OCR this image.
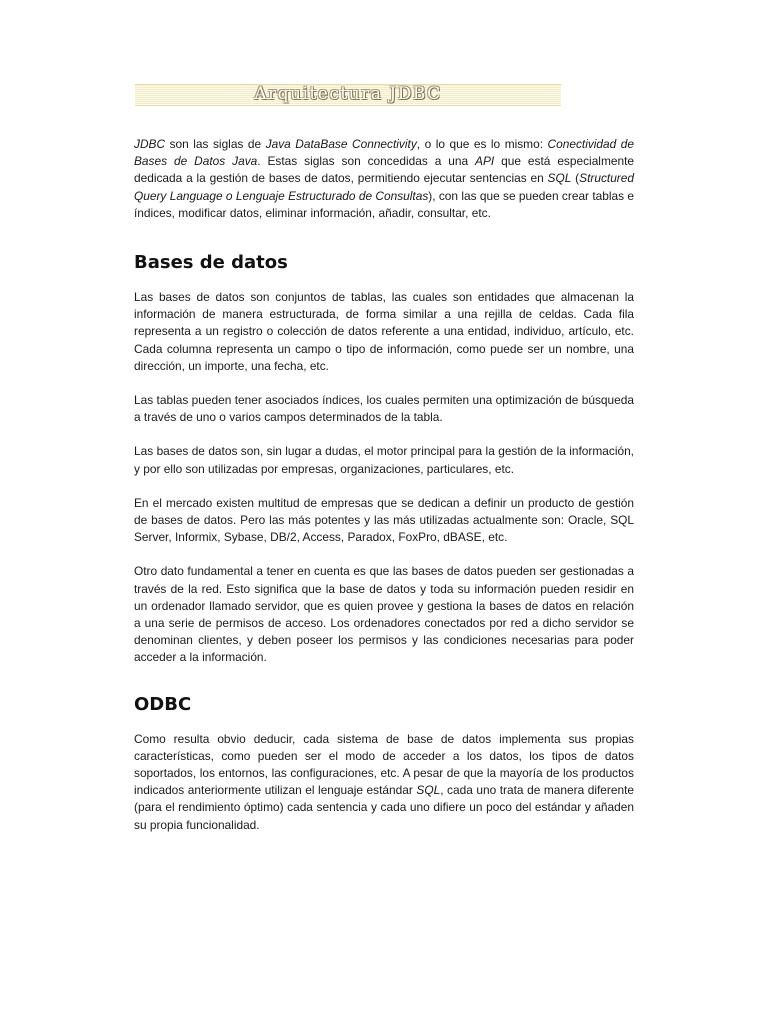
Arquitectura JDBC

JDBC son las siglas de Java DataBase Connectivity, o lo que es lo mismo: Conectividad de Bases de Datos Java. Estas siglas son concedidas a una API que está especialmente dedicada a la gestión de bases de datos, permitiendo ejecutar sentencias en SQL (Structured Query Language o Lenguaje Estructurado de Consultas), con las que se pueden crear tablas e índices, modificar datos, eliminar información, añadir, consultar, etc.

Bases de datos

Las bases de datos son conjuntos de tablas, las cuales son entidades que almacenan la información de manera estructurada, de forma similar a una rejilla de celdas. Cada fila representa a un registro o colección de datos referente a una entidad, individuo, artículo, etc. Cada columna representa un campo o tipo de información, como puede ser un nombre, una dirección, un importe, una fecha, etc.

Las tablas pueden tener asociados índices, los cuales permiten una optimización de búsqueda a través de uno o varios campos determinados de la tabla.

Las bases de datos son, sin lugar a dudas, el motor principal para la gestión de la información, y por ello son utilizadas por empresas, organizaciones, particulares, etc.

En el mercado existen multitud de empresas que se dedican a definir un producto de gestión de bases de datos. Pero las más potentes y las más utilizadas actualmente son: Oracle, SQL Server, Informix, Sybase, DB/2, Access, Paradox, FoxPro, dBASE, etc.

Otro dato fundamental a tener en cuenta es que las bases de datos pueden ser gestionadas a través de la red. Esto significa que la base de datos y toda su información pueden residir en un ordenador llamado servidor, que es quien provee y gestiona la bases de datos en relación a una serie de permisos de acceso. Los ordenadores conectados por red a dicho servidor se denominan clientes, y deben poseer los permisos y las condiciones necesarias para poder acceder a la información.

ODBC

Como resulta obvio deducir, cada sistema de base de datos implementa sus propias características, como pueden ser el modo de acceder a los datos, los tipos de datos soportados, los entornos, las configuraciones, etc. A pesar de que la mayoría de los productos indicados anteriormente utilizan el lenguaje estándar SQL, cada uno trata de manera diferente (para el rendimiento óptimo) cada sentencia y cada uno difiere un poco del estándar y añaden su propia funcionalidad.
